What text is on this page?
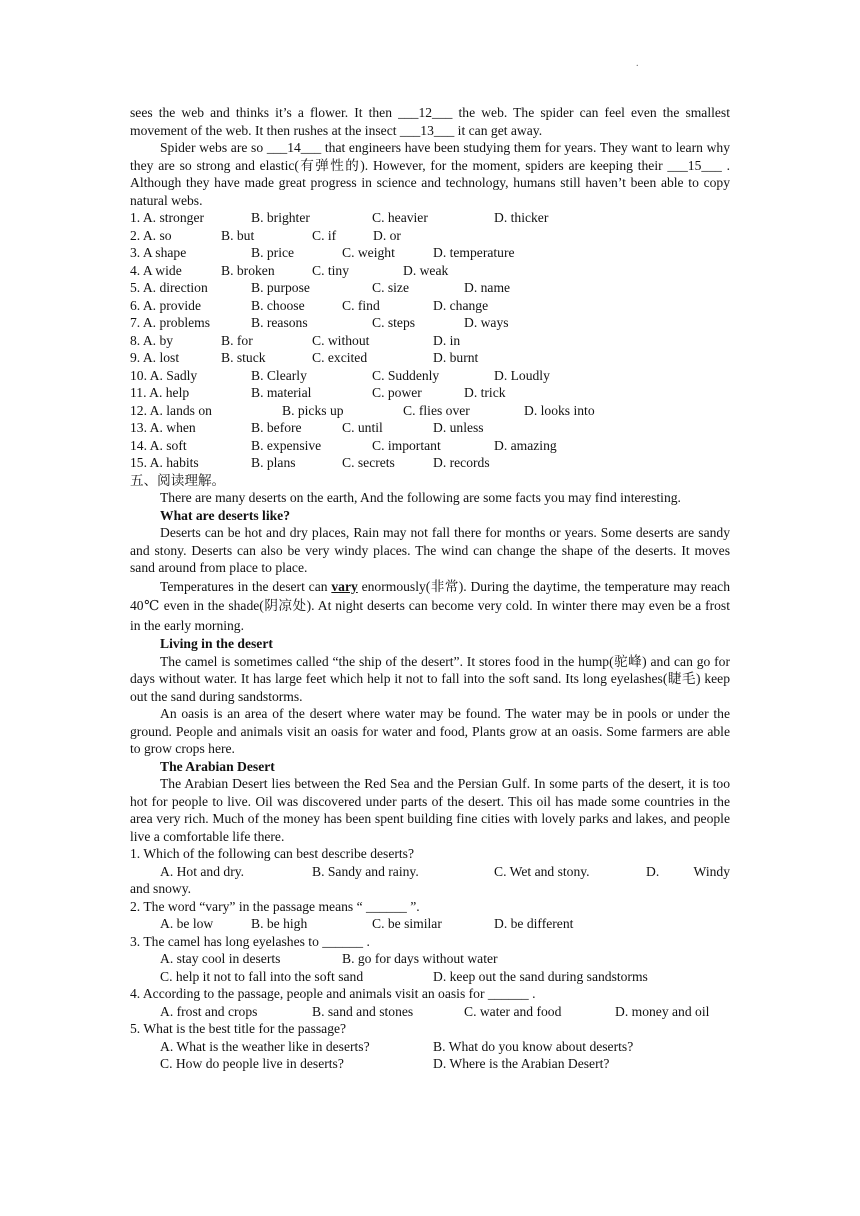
.

sees the web and thinks it’s a flower. It then ___12___ the web. The spider can feel even the smallest movement of the web. It then rushes at the insect ___13___ it can get away.

Spider webs are so ___14___ that engineers have been studying them for years. They want to learn why they are so strong and elastic(有弹性的). However, for the moment, spiders are keeping their ___15___ . Although they have made great progress in science and technology, humans still haven’t been able to copy natural webs.

1. A. stronger	B. brighter	C. heavier	D. thicker
2. A. so	B. but	C. if	D. or
3. A shape	B. price	C. weight	D. temperature
4. A wide	B. broken	C. tiny	D. weak
5. A. direction	B. purpose	C. size	D. name
6. A. provide	B. choose	C. find	D. change
7. A. problems	B. reasons	C. steps	D. ways
8. A. by	B. for	C. without	D. in
9. A. lost	B. stuck	C. excited	D. burnt
10. A. Sadly	B. Clearly	C. Suddenly	D. Loudly
11. A. help	B. material	C. power	D. trick
12. A. lands on	B. picks up	C. flies over	D. looks into
13. A. when	B. before	C. until	D. unless
14. A. soft	B. expensive	C. important	D. amazing
15. A. habits	B. plans	C. secrets	D. records

五、阅读理解。

There are many deserts on the earth, And the following are some facts you may find interesting.

What are deserts like?

Deserts can be hot and dry places, Rain may not fall there for months or years. Some deserts are sandy and stony. Deserts can also be very windy places. The wind can change the shape of the deserts. It moves sand around from place to place.

Temperatures in the desert can vary enormously(非常). During the daytime, the temperature may reach 40℃ even in the shade(阴凉处). At night deserts can become very cold. In winter there may even be a frost in the early morning.

Living in the desert

The camel is sometimes called “the ship of the desert”. It stores food in the hump(驼峰) and can go for days without water. It has large feet which help it not to fall into the soft sand. Its long eyelashes(睫毛) keep out the sand during sandstorms.

An oasis is an area of the desert where water may be found. The water may be in pools or under the ground. People and animals visit an oasis for water and food, Plants grow at an oasis. Some farmers are able to grow crops here.

The Arabian Desert

The Arabian Desert lies between the Red Sea and the Persian Gulf. In some parts of the desert, it is too hot for people to live. Oil was discovered under parts of the desert. This oil has made some countries in the area very rich. Much of the money has been spent building fine cities with lovely parks and lakes, and people live a comfortable life there.

1. Which of the following can best describe deserts?

A. Hot and dry.	B. Sandy and rainy.	C. Wet and stony.	D.	Windy

and snowy.

2. The word “vary” in the passage means “ ______ ”.

A. be low	B. be high	C. be similar	D. be different

3. The camel has long eyelashes to ______ .

A. stay cool in deserts	B. go for days without water
C. help it not to fall into the soft sand	D. keep out the sand during sandstorms

4. According to the passage, people and animals visit an oasis for ______ .

A. frost and crops	B. sand and stones	C. water and food	D. money and oil

5. What is the best title for the passage?

A. What is the weather like in deserts?	B. What do you know about deserts?
C. How do people live in deserts?	D. Where is the Arabian Desert?
